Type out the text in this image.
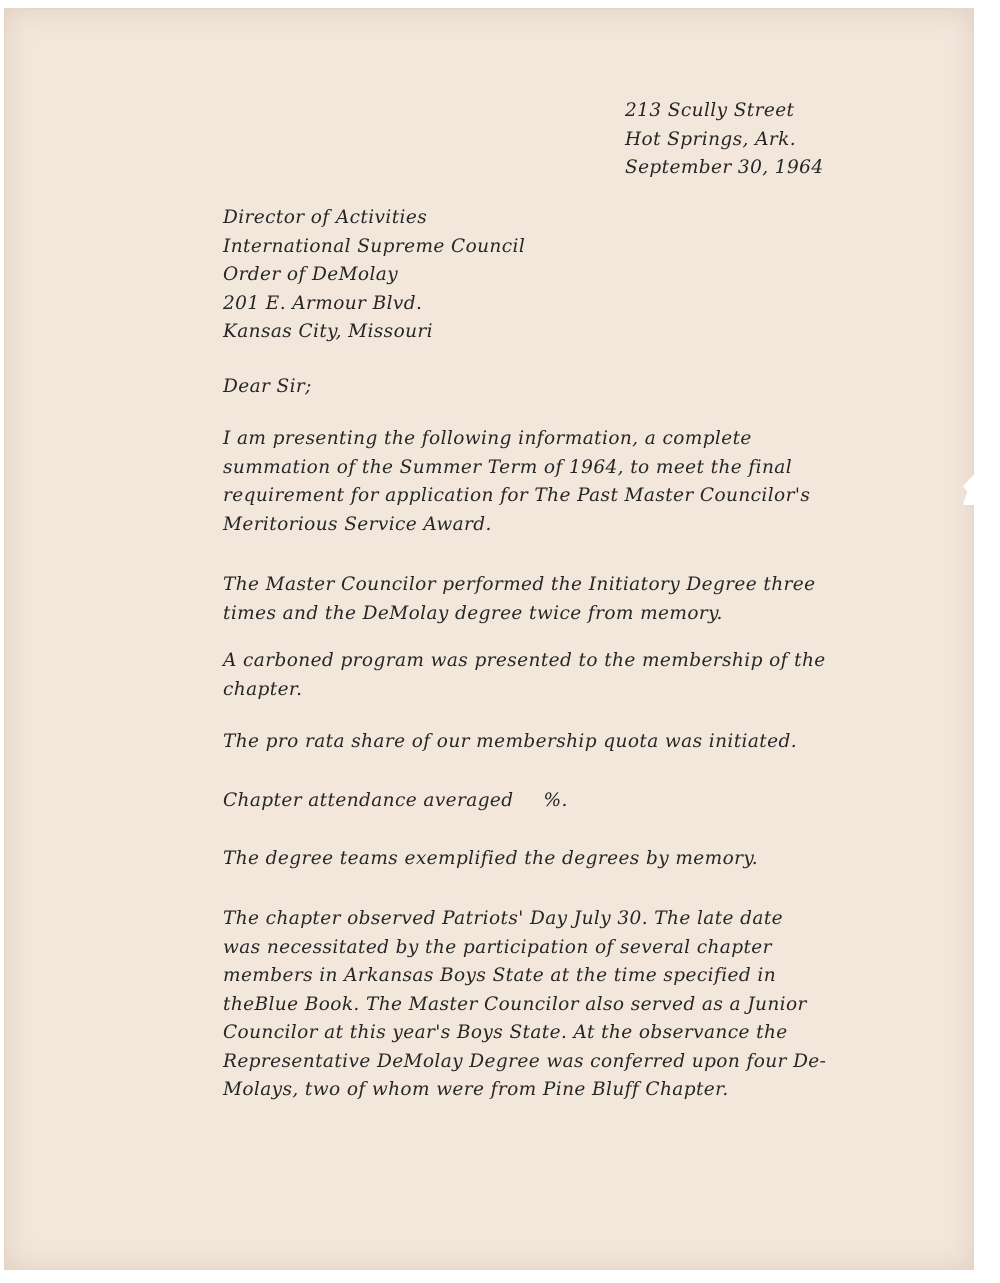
213 Scully Street
Hot Springs, Ark.
September 30, 1964
Director of Activities
International Supreme Council
Order of DeMolay
201 E. Armour Blvd.
Kansas City, Missouri

Dear Sir;

I am presenting the following information, a complete
summation of the Summer Term of 1964, to meet the final
requirement for application for The Past Master Councilor's
Meritorious Service Award.
The Master Councilor performed the Initiatory Degree three
times and the DeMolay degree twice from memory.
A carboned program was presented to the membership of the
chapter.

The pro rata share of our membership quota was initiated.

Chapter attendance averaged %.

The degree teams exemplified the degrees by memory.

The chapter observed Patriots' Day July 30. The late date
was necessitated by the participation of several chapter
members in Arkansas Boys State at the time specified in
theBlue Book. The Master Councilor also served as a Junior
Councilor at this year's Boys State. At the observance the
Representative DeMolay Degree was conferred upon four De-
Molays, two of whom were from Pine Bluff Chapter.
